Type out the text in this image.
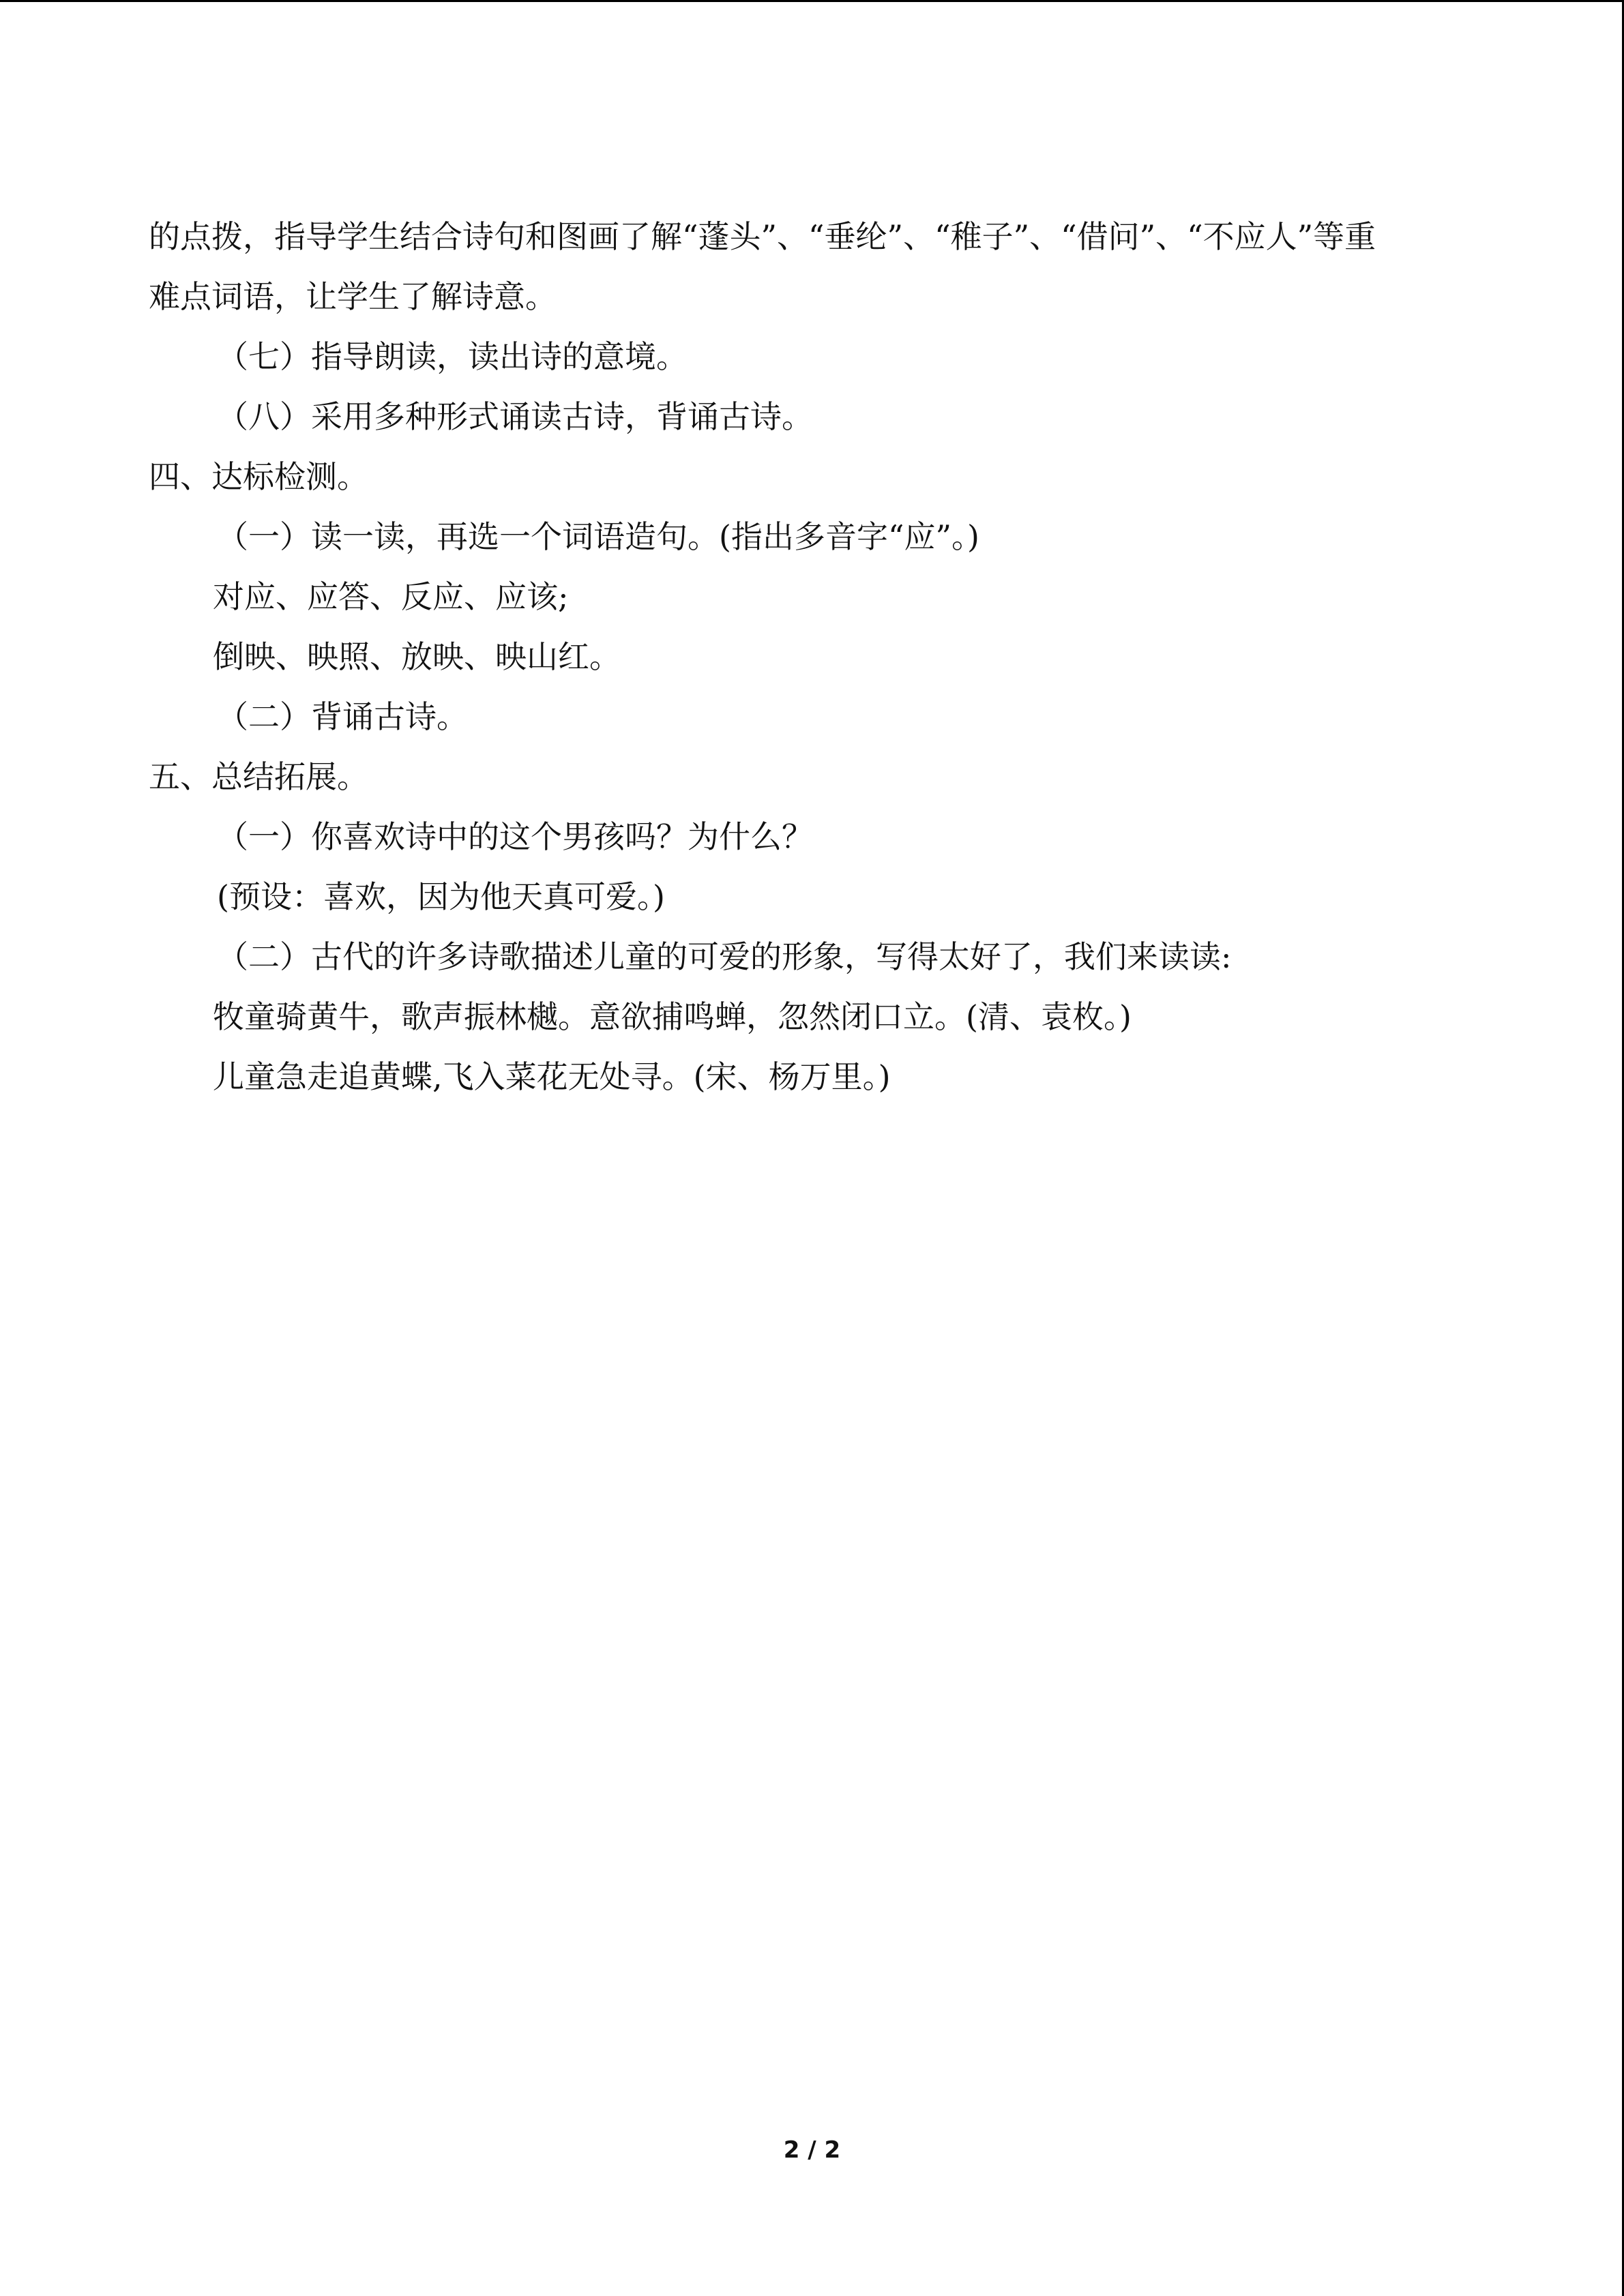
的点拨，指导学生结合诗句和图画了解“蓬头”、“垂纶”、“稚子”、“借问”、“不应人”等重
难点词语，让学生了解诗意。
（七）指导朗读，读出诗的意境。
（八）采用多种形式诵读古诗，背诵古诗。
四、达标检测。
（一）读一读，再选一个词语造句。(指出多音字“应”。)
对应、应答、反应、应该;
倒映、映照、放映、映山红。
（二）背诵古诗。
五、总结拓展。
（一）你喜欢诗中的这个男孩吗？为什么？
(预设：喜欢，因为他天真可爱。)
（二）古代的许多诗歌描述儿童的可爱的形象，写得太好了，我们来读读:
牧童骑黄牛，歌声振林樾。意欲捕鸣蝉，忽然闭口立。(清、袁枚。)
儿童急走追黄蝶,飞入菜花无处寻。(宋、杨万里。)
2 / 2
